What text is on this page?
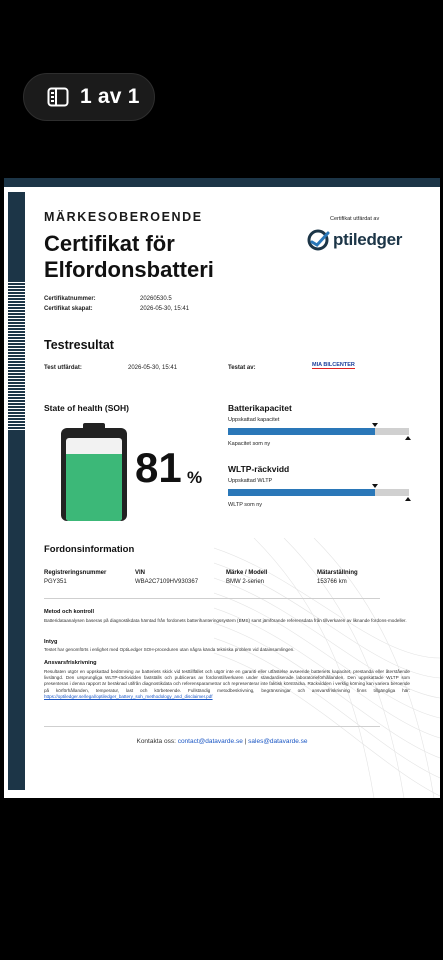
1 av 1
MÄRKESOBEROENDE
Certifikat för Elfordonsbatteri
Certifikat utfärdat av
ptiledger
Certifikatnummer:	20260530.5
Certifikat skapat:	2026-05-30, 15:41
Testresultat
Test utfärdat:	2026-05-30, 15:41	Testat av:	MIA BILCENTER
State of health (SOH)
81 %
Batterikapacitet
Uppskattad kapacitet
Kapacitet som ny
WLTP-räckvidd
Uppskattad WLTP
WLTP som ny
Fordonsinformation
Registreringsnummer
PGY351
VIN
WBA2C7109HV930367
Märke / Modell
BMW 2-serien
Mätarställning
153766 km
Metod och kontroll
Batteridataanalysen baseras på diagnostikdata hämtad från fordonets batterihanteringssystem (BMS) samt jämförande referensdata från tillverkaren av liknande fordons-modeller.
Intyg
Testet har genomförts i enlighet med OptiLedger SOH-proceduren utan några kända tekniska problem vid datainsamlingen.
Ansvarsfriskrivning
Resultaten utgör en uppskattad bedömning av batteriets skick vid testtillfället och utgör inte en garanti eller utfästelse avseende batteriets kapacitet, prestanda eller återstående livslängd. Den ursprungliga WLTP-räckvidden fastställs och publiceras av fordonstillverkaren under standardiserade laboratorieförhållanden. Den uppskattade WLTP som presenteras i denna rapport är beräknad utifrån diagnostikdata och referensparametrar och representerar inte faktisk körsträcka. Räckvidden i verklig körning kan variera beroende på körförhållanden, temperatur, last och körbeteende. Fullständig metodbeskrivning, begränsningar och ansvarsfriskrivning finns tillgängliga här: https://optiledger.se/legal/optiledger_battery_soh_methodology_and_disclaimer.pdf
Kontakta oss: contact@datavarde.se | sales@datavarde.se
